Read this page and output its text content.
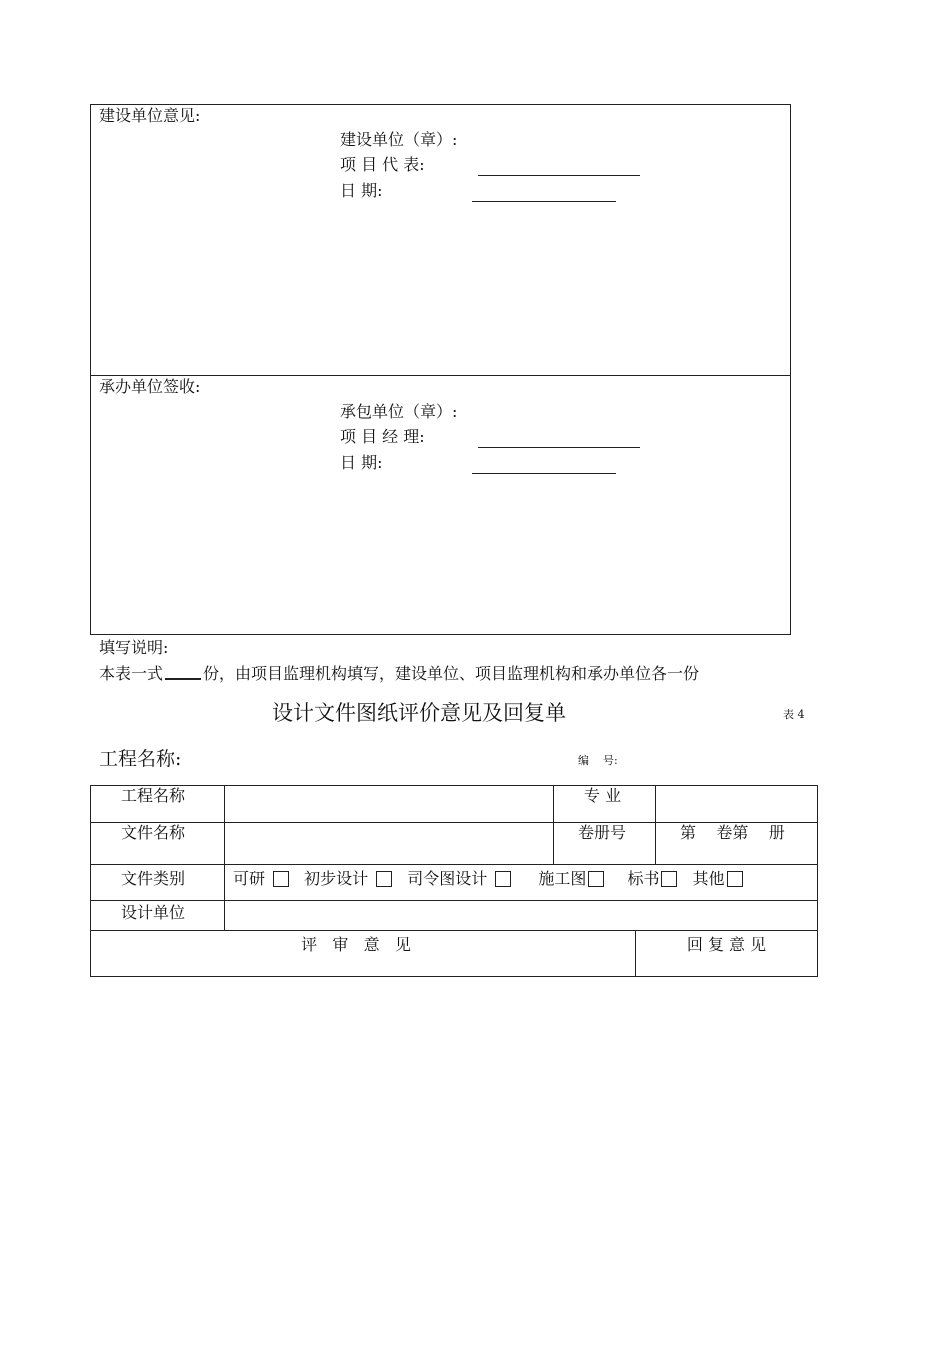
建设单位意见:
建设单位（章）:
项 目 代 表:
日 期:
承办单位签收:
承包单位（章）:
项 目 经 理:
日 期:
填写说明:
本表一式	份，由项目监理机构填写，建设单位、项目监理机构和承办单位各一份
设计文件图纸评价意见及回复单	表 4
工程名称:	编    号:
工程名称		专 业		
文件名称		卷册号		第    卷第    册
文件类别	可研 初步设计 司令图设计 施工图 标书 其他			
设计单位				
评   审   意   见			回 复 意 见	
